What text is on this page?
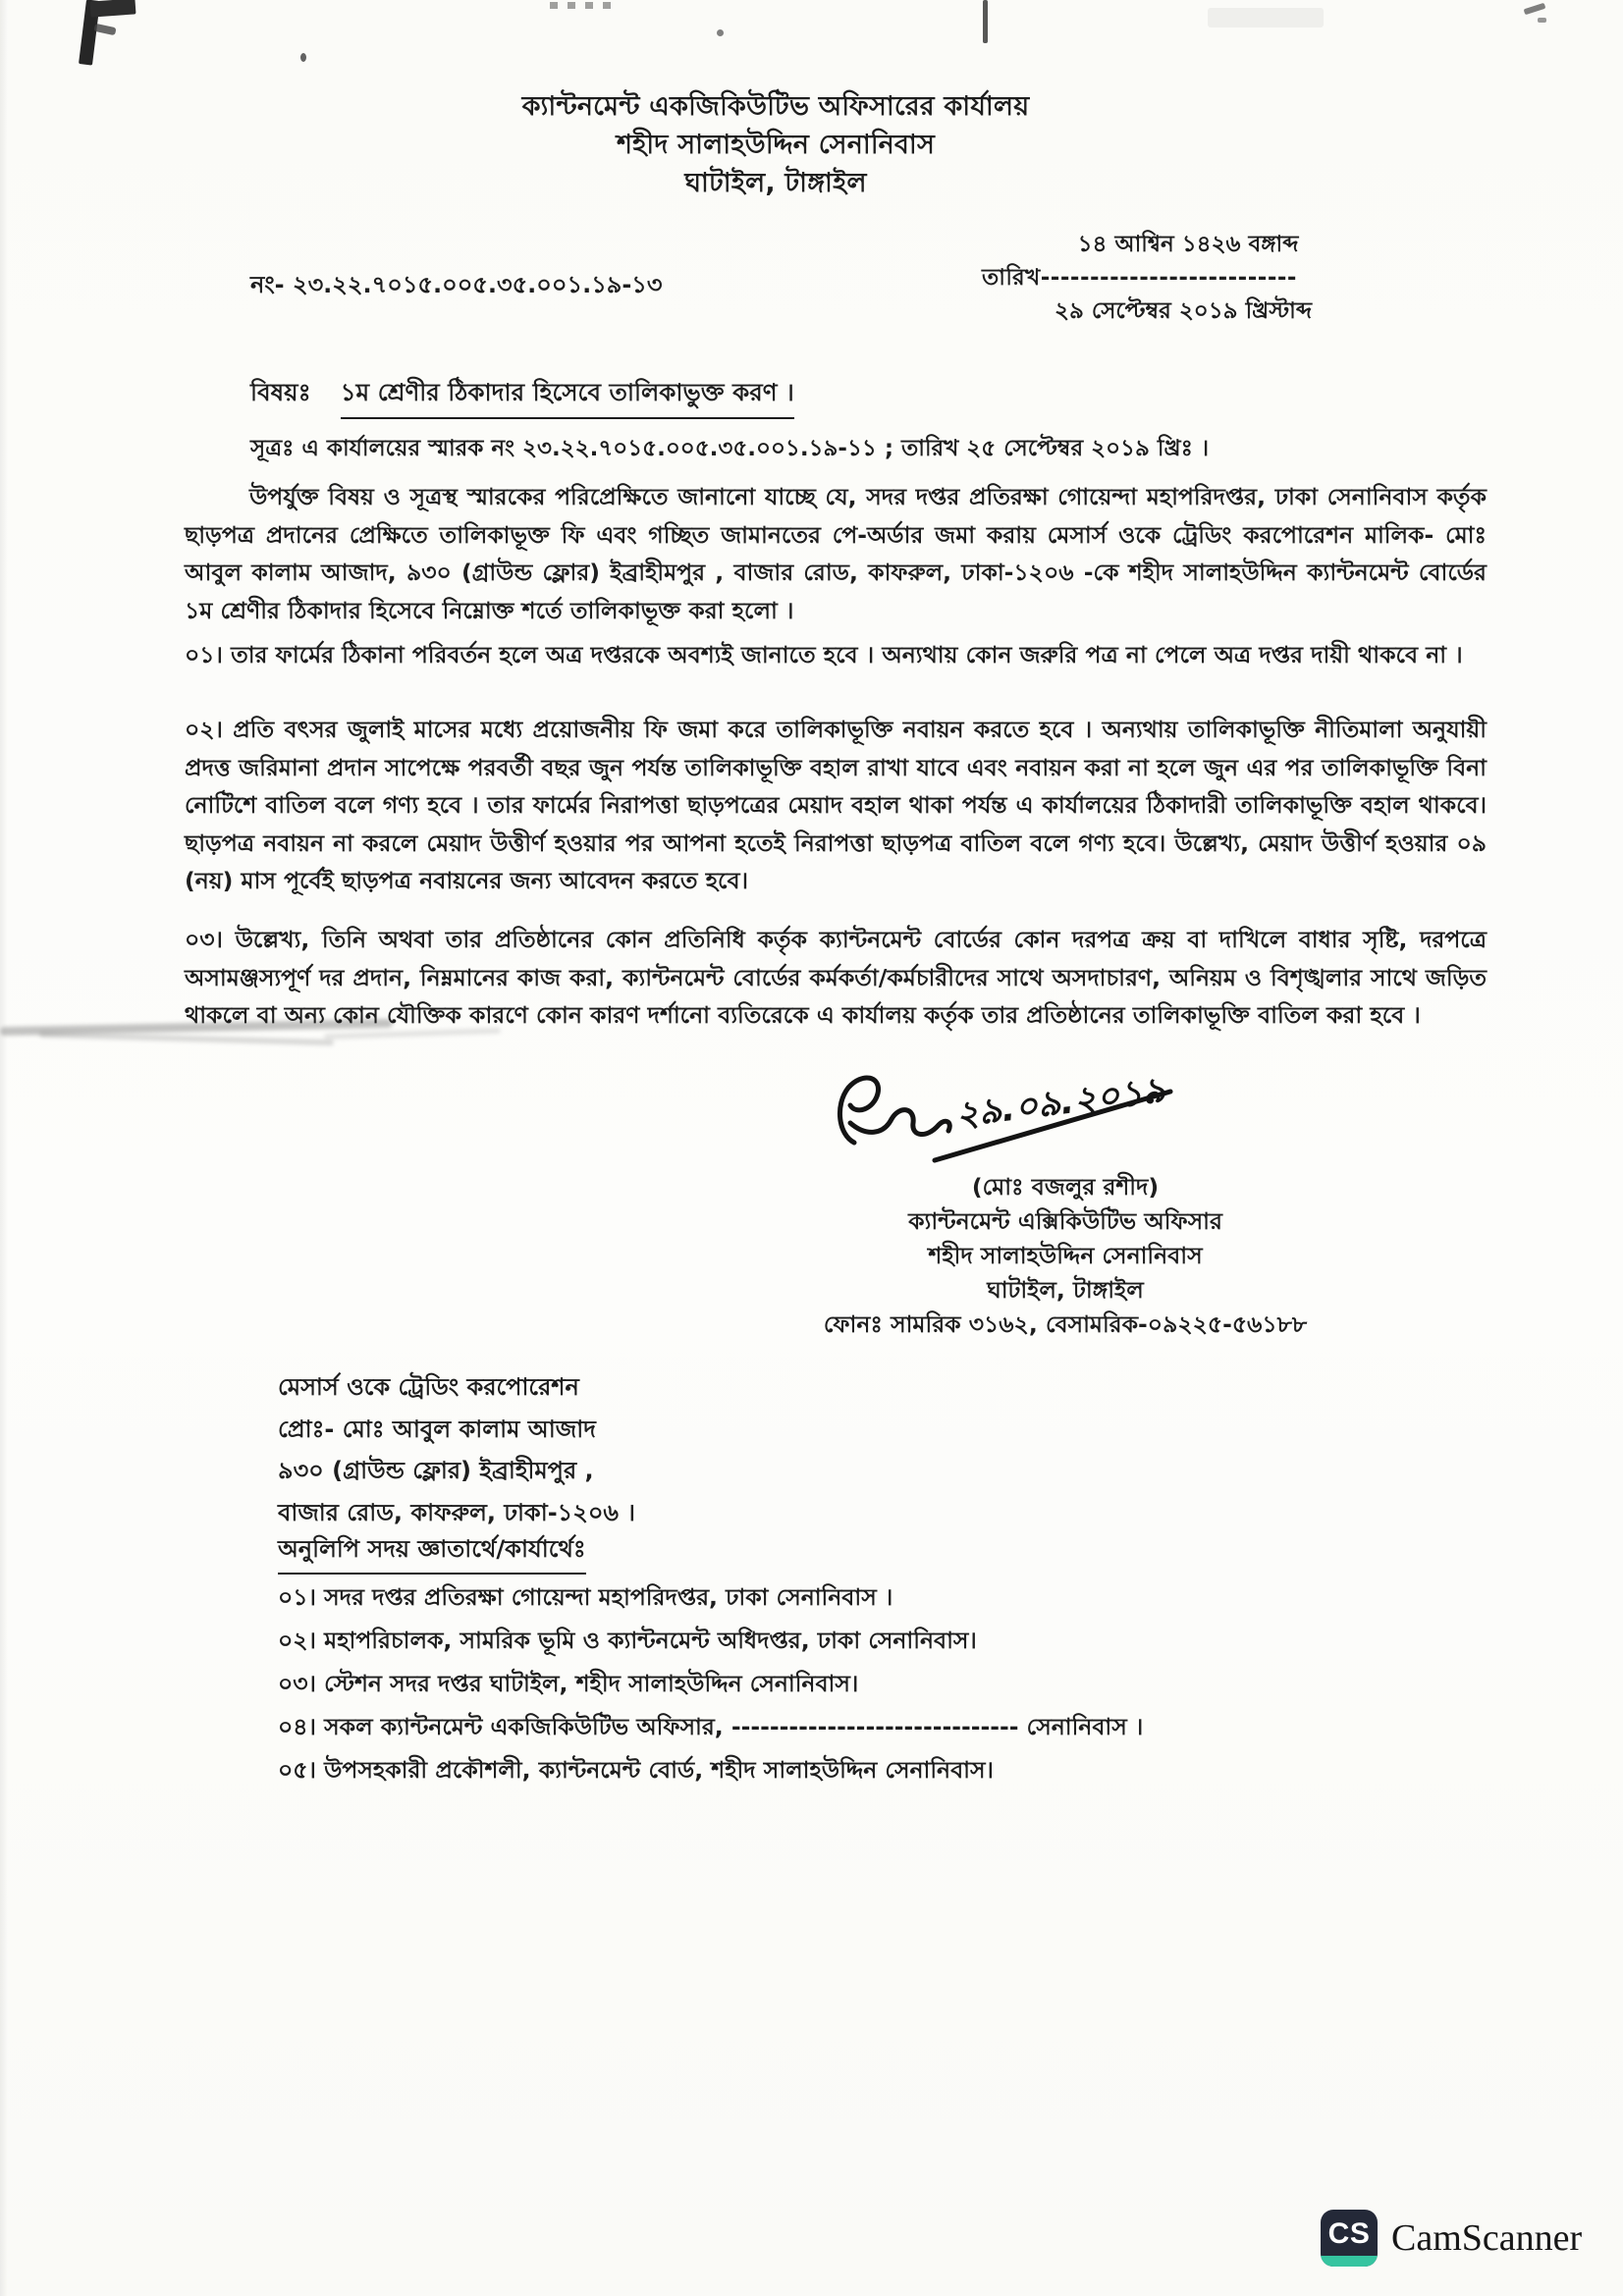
ক্যান্টনমেন্ট একজিকিউটিভ অফিসারের কার্যালয়
শহীদ সালাহউদ্দিন সেনানিবাস
ঘাটাইল, টাঙ্গাইল
নং- ২৩.২২.৭০১৫.০০৫.৩৫.০০১.১৯-১৩
১৪ আশ্বিন ১৪২৬ বঙ্গাব্দ
তারিখ--------------------------
২৯ সেপ্টেম্বর ২০১৯ খ্রিস্টাব্দ
বিষয়ঃ ১ম শ্রেণীর ঠিকাদার হিসেবে তালিকাভুক্ত করণ ।
সূত্রঃ এ কার্যালয়ের স্মারক নং ২৩.২২.৭০১৫.০০৫.৩৫.০০১.১৯-১১ ; তারিখ ২৫ সেপ্টেম্বর ২০১৯ খ্রিঃ ।

উপর্যুক্ত বিষয় ও সূত্রস্থ স্মারকের পরিপ্রেক্ষিতে জানানো যাচ্ছে যে, সদর দপ্তর প্রতিরক্ষা গোয়েন্দা মহাপরিদপ্তর, ঢাকা সেনানিবাস কর্তৃক ছাড়পত্র প্রদানের প্রেক্ষিতে তালিকাভূক্ত ফি এবং গচ্ছিত জামানতের পে-অর্ডার জমা করায় মেসার্স ওকে ট্রেডিং করপোরেশন মালিক- মোঃ আবুল কালাম আজাদ, ৯৩০ (গ্রাউন্ড ফ্লোর) ইব্রাহীমপুর , বাজার রোড, কাফরুল, ঢাকা-১২০৬ -কে শহীদ সালাহউদ্দিন ক্যান্টনমেন্ট বোর্ডের ১ম শ্রেণীর ঠিকাদার হিসেবে নিম্নোক্ত শর্তে তালিকাভূক্ত করা হলো ।

০১। তার ফার্মের ঠিকানা পরিবর্তন হলে অত্র দপ্তরকে অবশ্যই জানাতে হবে । অন্যথায় কোন জরুরি পত্র না পেলে অত্র দপ্তর দায়ী থাকবে না ।

০২। প্রতি বৎসর জুলাই মাসের মধ্যে প্রয়োজনীয় ফি জমা করে তালিকাভূক্তি নবায়ন করতে হবে । অন্যথায় তালিকাভূক্তি নীতিমালা অনুযায়ী প্রদত্ত জরিমানা প্রদান সাপেক্ষে পরবর্তী বছর জুন পর্যন্ত তালিকাভূক্তি বহাল রাখা যাবে এবং নবায়ন করা না হলে জুন এর পর তালিকাভূক্তি বিনা নোটিশে বাতিল বলে গণ্য হবে । তার ফার্মের নিরাপত্তা ছাড়পত্রের মেয়াদ বহাল থাকা পর্যন্ত এ কার্যালয়ের ঠিকাদারী তালিকাভূক্তি বহাল থাকবে। ছাড়পত্র নবায়ন না করলে মেয়াদ উত্তীর্ণ হওয়ার পর আপনা হতেই নিরাপত্তা ছাড়পত্র বাতিল বলে গণ্য হবে। উল্লেখ্য, মেয়াদ উত্তীর্ণ হওয়ার ০৯ (নয়) মাস পূর্বেই ছাড়পত্র নবায়নের জন্য আবেদন করতে হবে।

০৩। উল্লেখ্য, তিনি অথবা তার প্রতিষ্ঠানের কোন প্রতিনিধি কর্তৃক ক্যান্টনমেন্ট বোর্ডের কোন দরপত্র ক্রয় বা দাখিলে বাধার সৃষ্টি, দরপত্রে অসামঞ্জস্যপূর্ণ দর প্রদান, নিম্নমানের কাজ করা, ক্যান্টনমেন্ট বোর্ডের কর্মকর্তা/কর্মচারীদের সাথে অসদাচারণ, অনিয়ম ও বিশৃঙ্খলার সাথে জড়িত থাকলে বা অন্য কোন যৌক্তিক কারণে কোন কারণ দর্শানো ব্যতিরেকে এ কার্যালয় কর্তৃক তার প্রতিষ্ঠানের তালিকাভূক্তি বাতিল করা হবে ।

২৯.০৯.২০১৯
(মোঃ বজলুর রশীদ)
ক্যান্টনমেন্ট এক্সিকিউটিভ অফিসার
শহীদ সালাহউদ্দিন সেনানিবাস
ঘাটাইল, টাঙ্গাইল
ফোনঃ সামরিক ৩১৬২, বেসামরিক-০৯২২৫-৫৬১৮৮
মেসার্স ওকে ট্রেডিং করপোরেশন
প্রোঃ- মোঃ আবুল কালাম আজাদ
৯৩০ (গ্রাউন্ড ফ্লোর) ইব্রাহীমপুর ,
বাজার রোড, কাফরুল, ঢাকা-১২০৬ ।
অনুলিপি সদয় জ্ঞাতার্থে/কার্যার্থেঃ
০১। সদর দপ্তর প্রতিরক্ষা গোয়েন্দা মহাপরিদপ্তর, ঢাকা সেনানিবাস ।
০২। মহাপরিচালক, সামরিক ভূমি ও ক্যান্টনমেন্ট অধিদপ্তর, ঢাকা সেনানিবাস।
০৩। স্টেশন সদর দপ্তর ঘাটাইল, শহীদ সালাহউদ্দিন সেনানিবাস।
০৪। সকল ক্যান্টনমেন্ট একজিকিউটিভ অফিসার, ------------------------------ সেনানিবাস ।
০৫। উপসহকারী প্রকৌশলী, ক্যান্টনমেন্ট বোর্ড, শহীদ সালাহউদ্দিন সেনানিবাস।
CS CamScanner
